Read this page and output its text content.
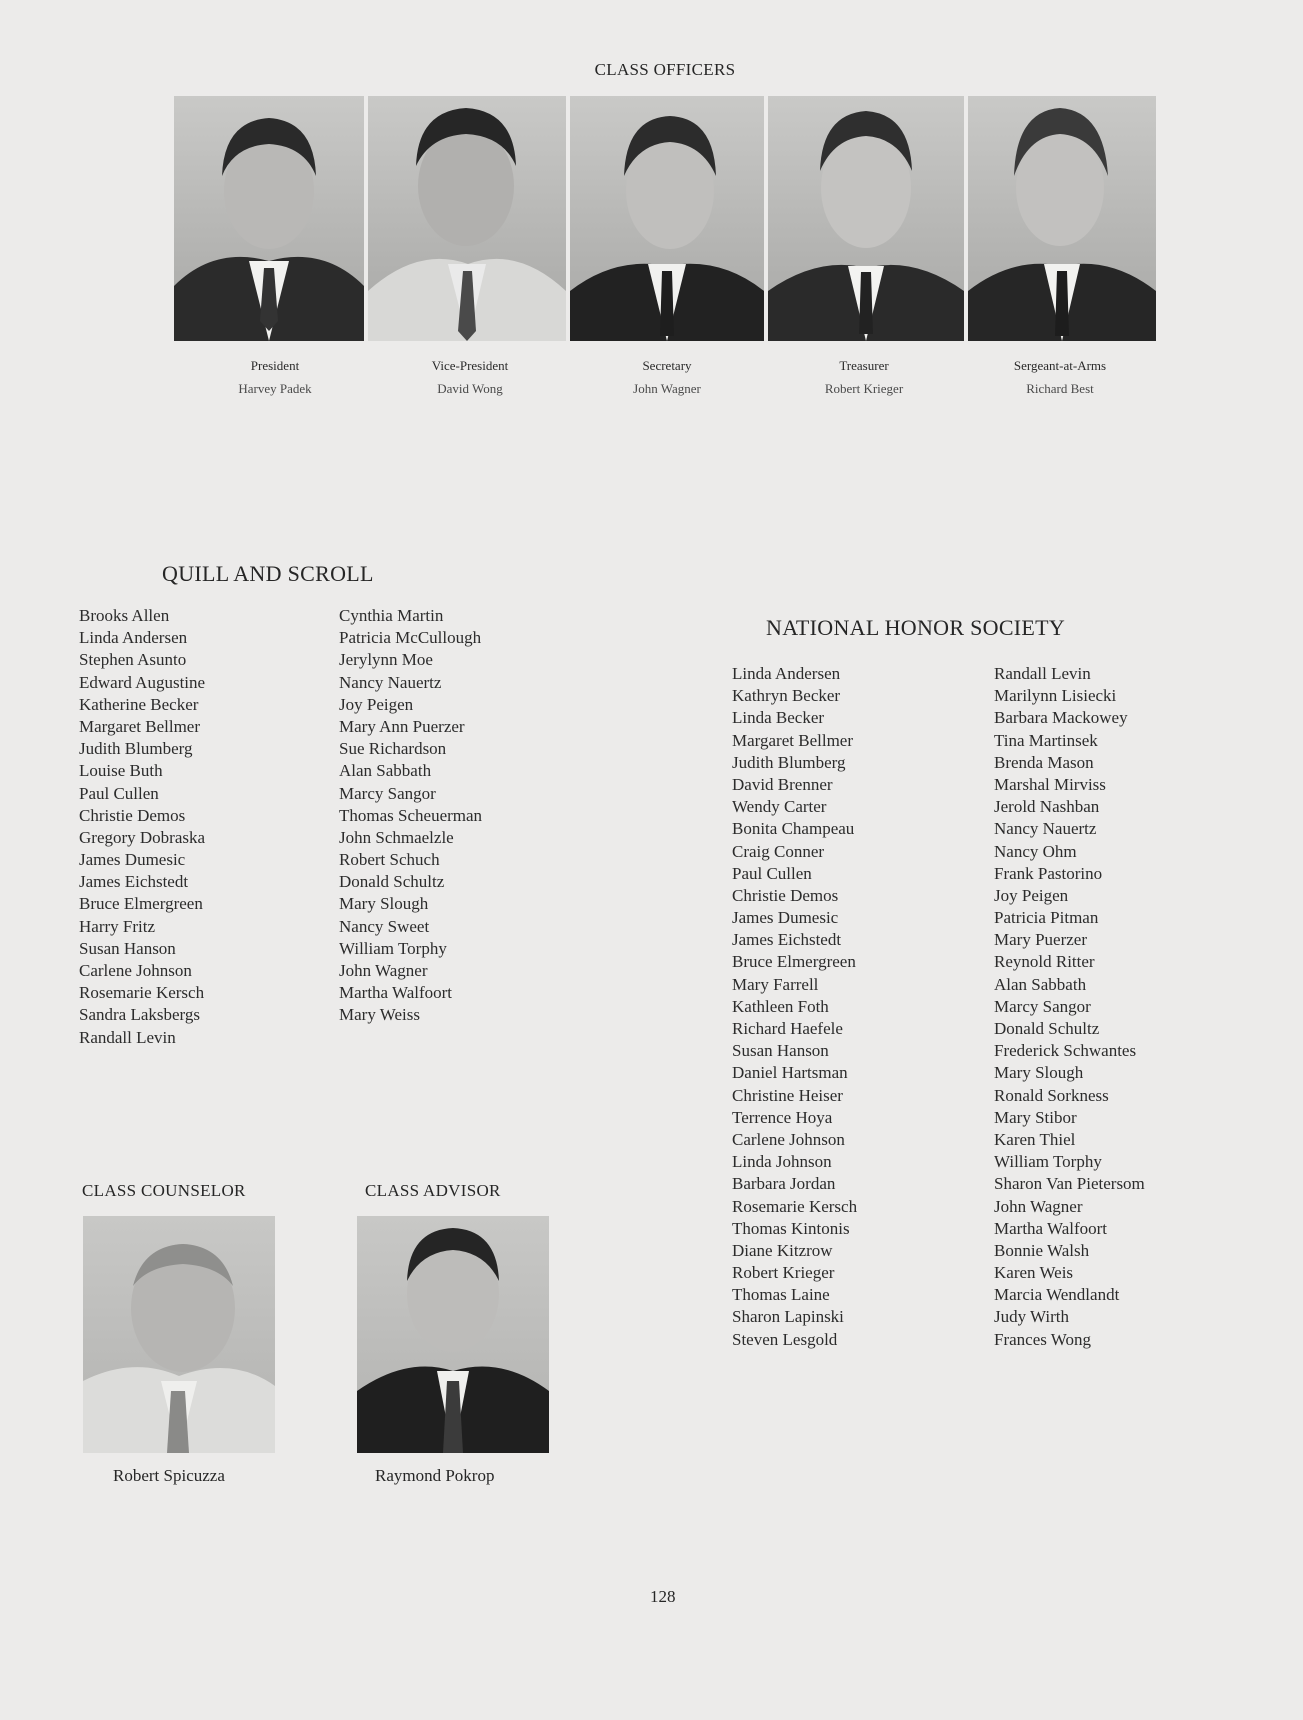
CLASS OFFICERS
President
Harvey Padek
Vice-President
David Wong
Secretary
John Wagner
Treasurer
Robert Krieger
Sergeant-at-Arms
Richard Best
QUILL AND SCROLL
Brooks Allen
Linda Andersen
Stephen Asunto
Edward Augustine
Katherine Becker
Margaret Bellmer
Judith Blumberg
Louise Buth
Paul Cullen
Christie Demos
Gregory Dobraska
James Dumesic
James Eichstedt
Bruce Elmergreen
Harry Fritz
Susan Hanson
Carlene Johnson
Rosemarie Kersch
Sandra Laksbergs
Randall Levin
Cynthia Martin
Patricia McCullough
Jerylynn Moe
Nancy Nauertz
Joy Peigen
Mary Ann Puerzer
Sue Richardson
Alan Sabbath
Marcy Sangor
Thomas Scheuerman
John Schmaelzle
Robert Schuch
Donald Schultz
Mary Slough
Nancy Sweet
William Torphy
John Wagner
Martha Walfoort
Mary Weiss
NATIONAL HONOR SOCIETY
Linda Andersen
Kathryn Becker
Linda Becker
Margaret Bellmer
Judith Blumberg
David Brenner
Wendy Carter
Bonita Champeau
Craig Conner
Paul Cullen
Christie Demos
James Dumesic
James Eichstedt
Bruce Elmergreen
Mary Farrell
Kathleen Foth
Richard Haefele
Susan Hanson
Daniel Hartsman
Christine Heiser
Terrence Hoya
Carlene Johnson
Linda Johnson
Barbara Jordan
Rosemarie Kersch
Thomas Kintonis
Diane Kitzrow
Robert Krieger
Thomas Laine
Sharon Lapinski
Steven Lesgold
Randall Levin
Marilynn Lisiecki
Barbara Mackowey
Tina Martinsek
Brenda Mason
Marshal Mirviss
Jerold Nashban
Nancy Nauertz
Nancy Ohm
Frank Pastorino
Joy Peigen
Patricia Pitman
Mary Puerzer
Reynold Ritter
Alan Sabbath
Marcy Sangor
Donald Schultz
Frederick Schwantes
Mary Slough
Ronald Sorkness
Mary Stibor
Karen Thiel
William Torphy
Sharon Van Pietersom
John Wagner
Martha Walfoort
Bonnie Walsh
Karen Weis
Marcia Wendlandt
Judy Wirth
Frances Wong
CLASS COUNSELOR	CLASS ADVISOR
Robert Spicuzza	Raymond Pokrop
128
